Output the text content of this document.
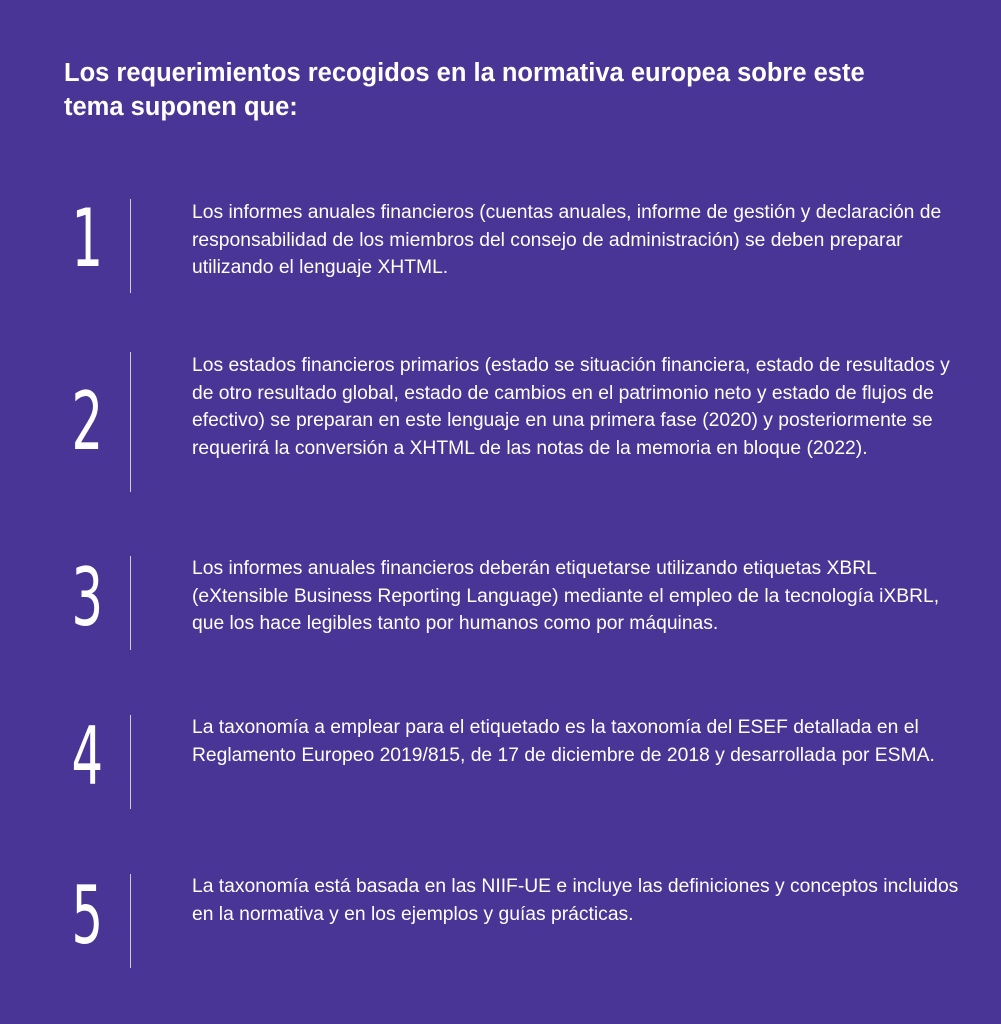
Los requerimientos recogidos en la normativa europea sobre este tema suponen que:
1	Los informes anuales financieros (cuentas anuales, informe de gestión y declaración de responsabilidad de los miembros del consejo de administración) se deben preparar utilizando el lenguaje XHTML.

2

Los estados financieros primarios (estado se situación financiera, estado de resultados y de otro resultado global, estado de cambios en el patrimonio neto y estado de flujos de efectivo) se preparan en este lenguaje en una primera fase (2020) y posteriormente se requerirá la conversión a XHTML de las notas de la memoria en bloque (2022).

3	Los informes anuales financieros deberán etiquetarse utilizando etiquetas XBRL (eXtensible Business Reporting Language) mediante el empleo de la tecnología iXBRL, que los hace legibles tanto por humanos como por máquinas.

4	La taxonomía a emplear para el etiquetado es la taxonomía del ESEF detallada en el Reglamento Europeo 2019/815, de 17 de diciembre de 2018 y desarrollada por ESMA.

5	La taxonomía está basada en las NIIF-UE e incluye las definiciones y conceptos incluidos en la normativa y en los ejemplos y guías prácticas.
